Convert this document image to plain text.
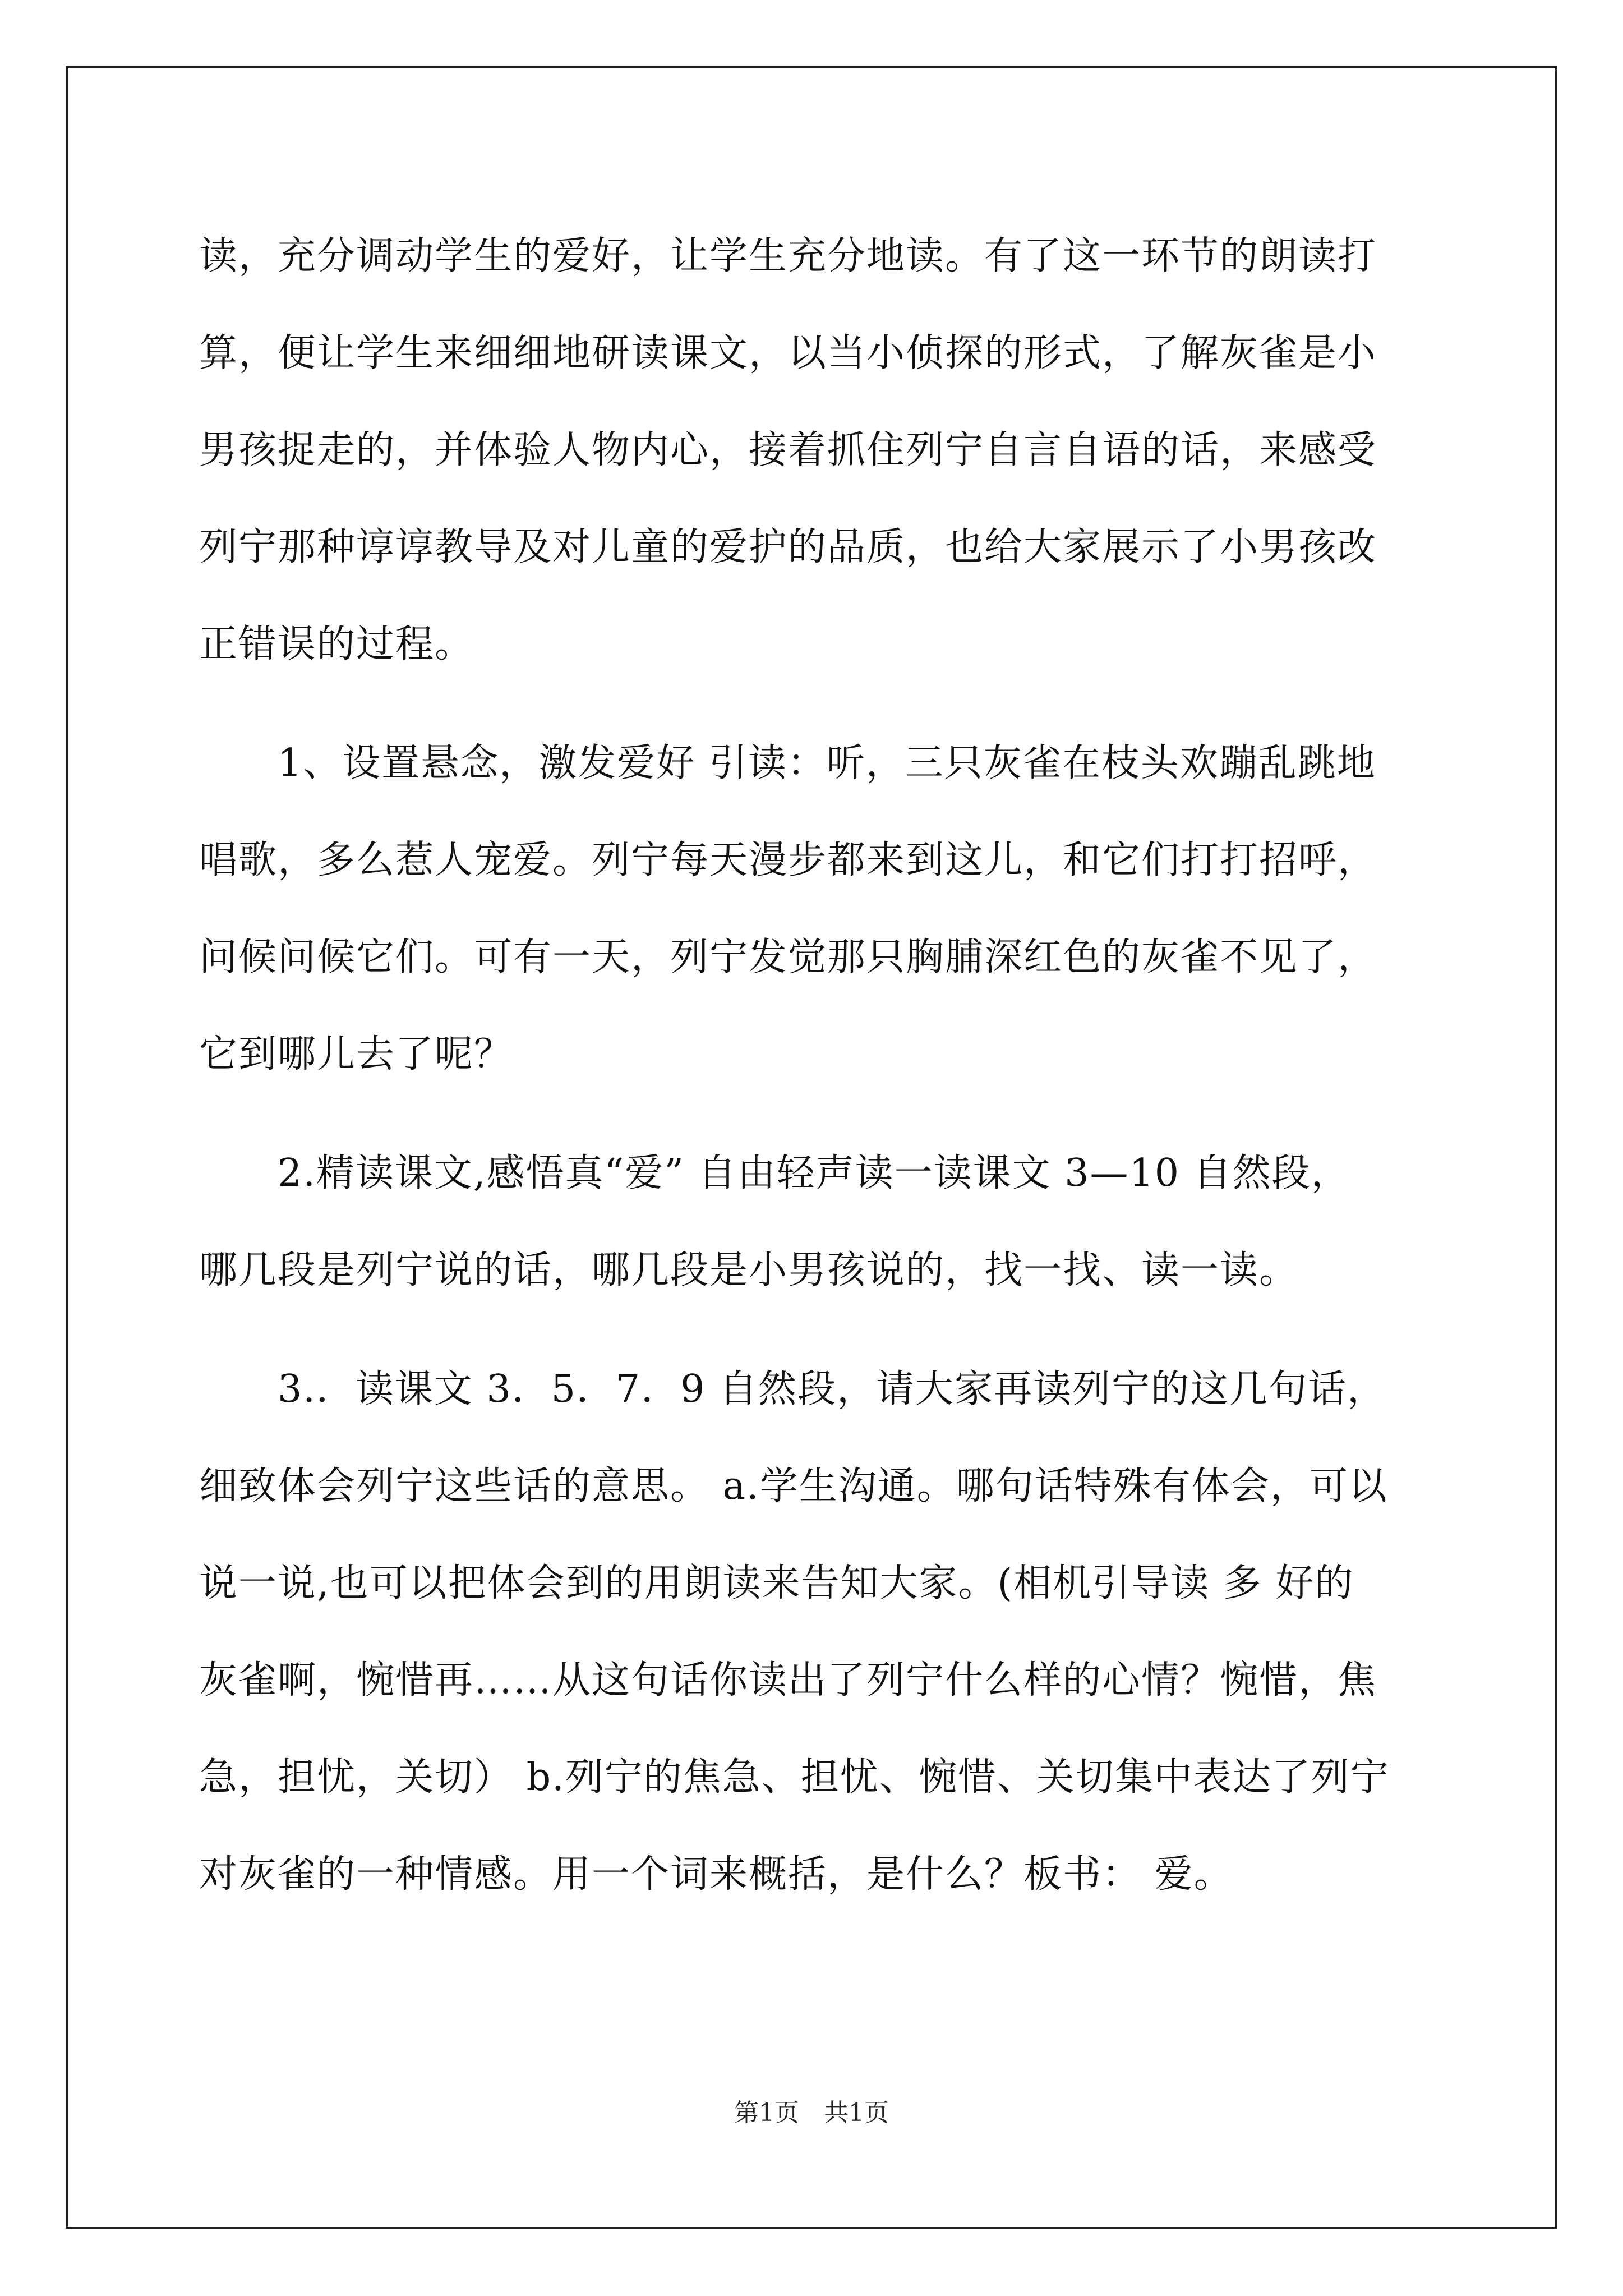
读，充分调动学生的爱好，让学生充分地读。有了这一环节的朗读打
算，便让学生来细细地研读课文，以当小侦探的形式，了解灰雀是小
男孩捉走的，并体验人物内心，接着抓住列宁自言自语的话，来感受
列宁那种谆谆教导及对儿童的爱护的品质，也给大家展示了小男孩改
正错误的过程。
　　1、设置悬念，激发爱好 引读：听，三只灰雀在枝头欢蹦乱跳地
唱歌，多么惹人宠爱。列宁每天漫步都来到这儿，和它们打打招呼，
问候问候它们。可有一天，列宁发觉那只胸脯深红色的灰雀不见了，
它到哪儿去了呢？
　　2.精读课文,感悟真“爱” 自由轻声读一读课文 3—10 自然段，
哪几段是列宁说的话，哪几段是小男孩说的，找一找、读一读。
　　3.．读课文 3．5．7．9 自然段，请大家再读列宁的这几句话，
细致体会列宁这些话的意思。 a.学生沟通。哪句话特殊有体会，可以
说一说,也可以把体会到的用朗读来告知大家。(相机引导读 多 好的
灰雀啊，惋惜再……从这句话你读出了列宁什么样的心情？惋惜，焦
急，担忧，关切） b.列宁的焦急、担忧、惋惜、关切集中表达了列宁
对灰雀的一种情感。用一个词来概括，是什么？板书： 爱。
第1页　共1页
